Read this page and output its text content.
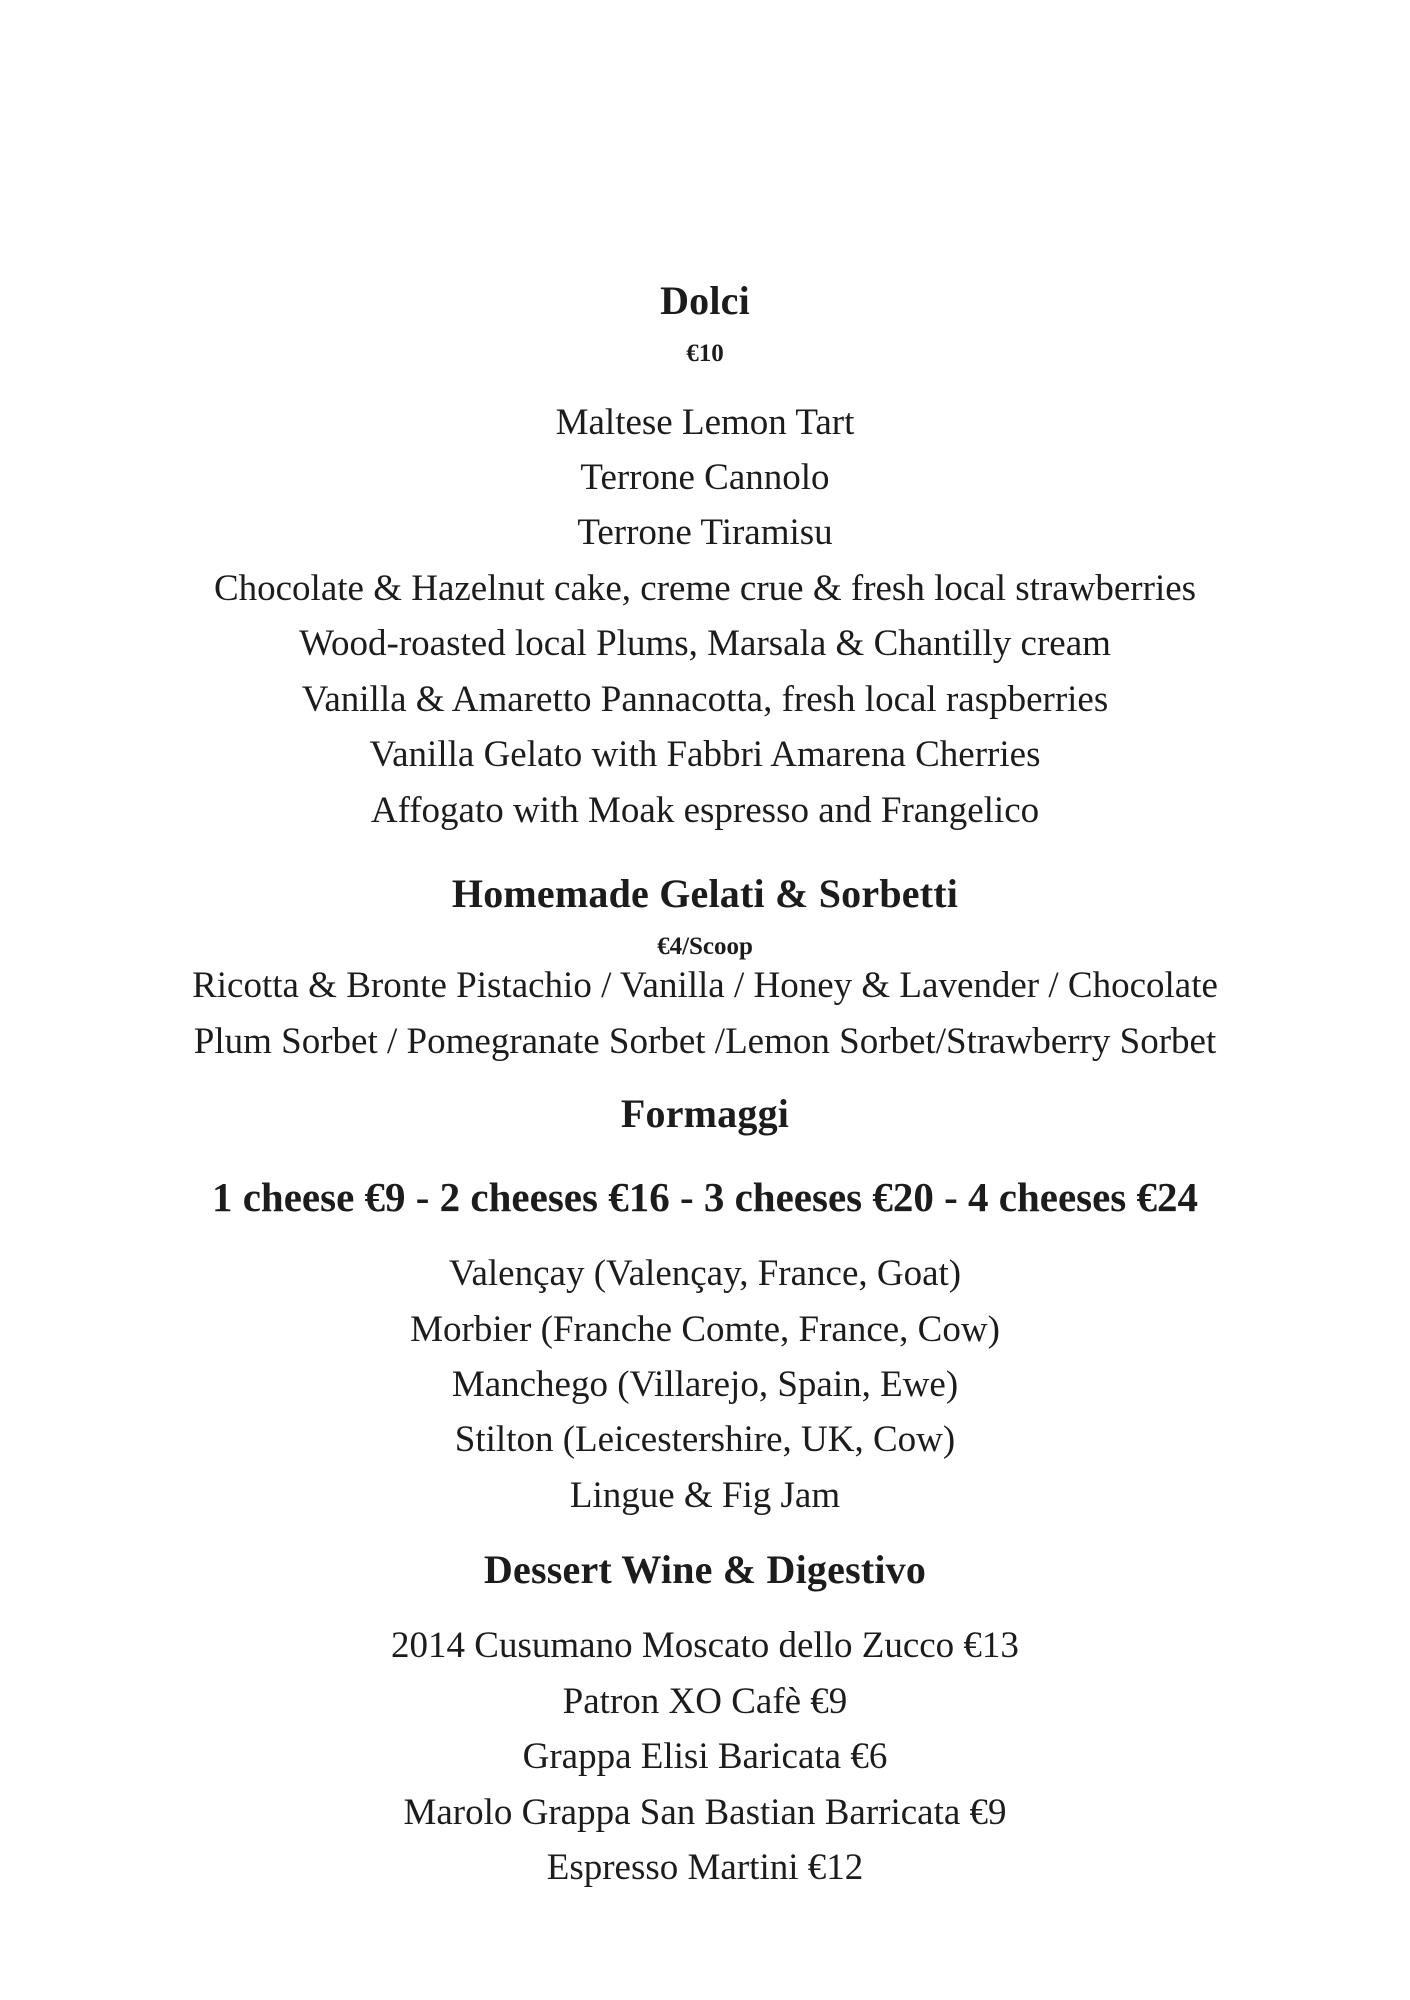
Dolci
€10
Maltese Lemon Tart
Terrone Cannolo
Terrone Tiramisu
Chocolate & Hazelnut cake, creme crue & fresh local strawberries
Wood-roasted local Plums, Marsala & Chantilly cream
Vanilla & Amaretto Pannacotta, fresh local raspberries
Vanilla Gelato with Fabbri Amarena Cherries
Affogato with Moak espresso and Frangelico
Homemade Gelati & Sorbetti
€4/Scoop
Ricotta & Bronte Pistachio / Vanilla / Honey & Lavender / Chocolate
Plum Sorbet / Pomegranate Sorbet /Lemon Sorbet/Strawberry Sorbet
Formaggi
1 cheese €9 - 2 cheeses €16 - 3 cheeses €20 - 4 cheeses €24
Valençay (Valençay, France, Goat)
Morbier (Franche Comte, France, Cow)
Manchego (Villarejo, Spain, Ewe)
Stilton (Leicestershire, UK, Cow)
Lingue & Fig Jam
Dessert Wine & Digestivo
2014 Cusumano Moscato dello Zucco €13
Patron XO Cafè €9
Grappa Elisi Baricata €6
Marolo Grappa San Bastian Barricata €9
Espresso Martini €12
